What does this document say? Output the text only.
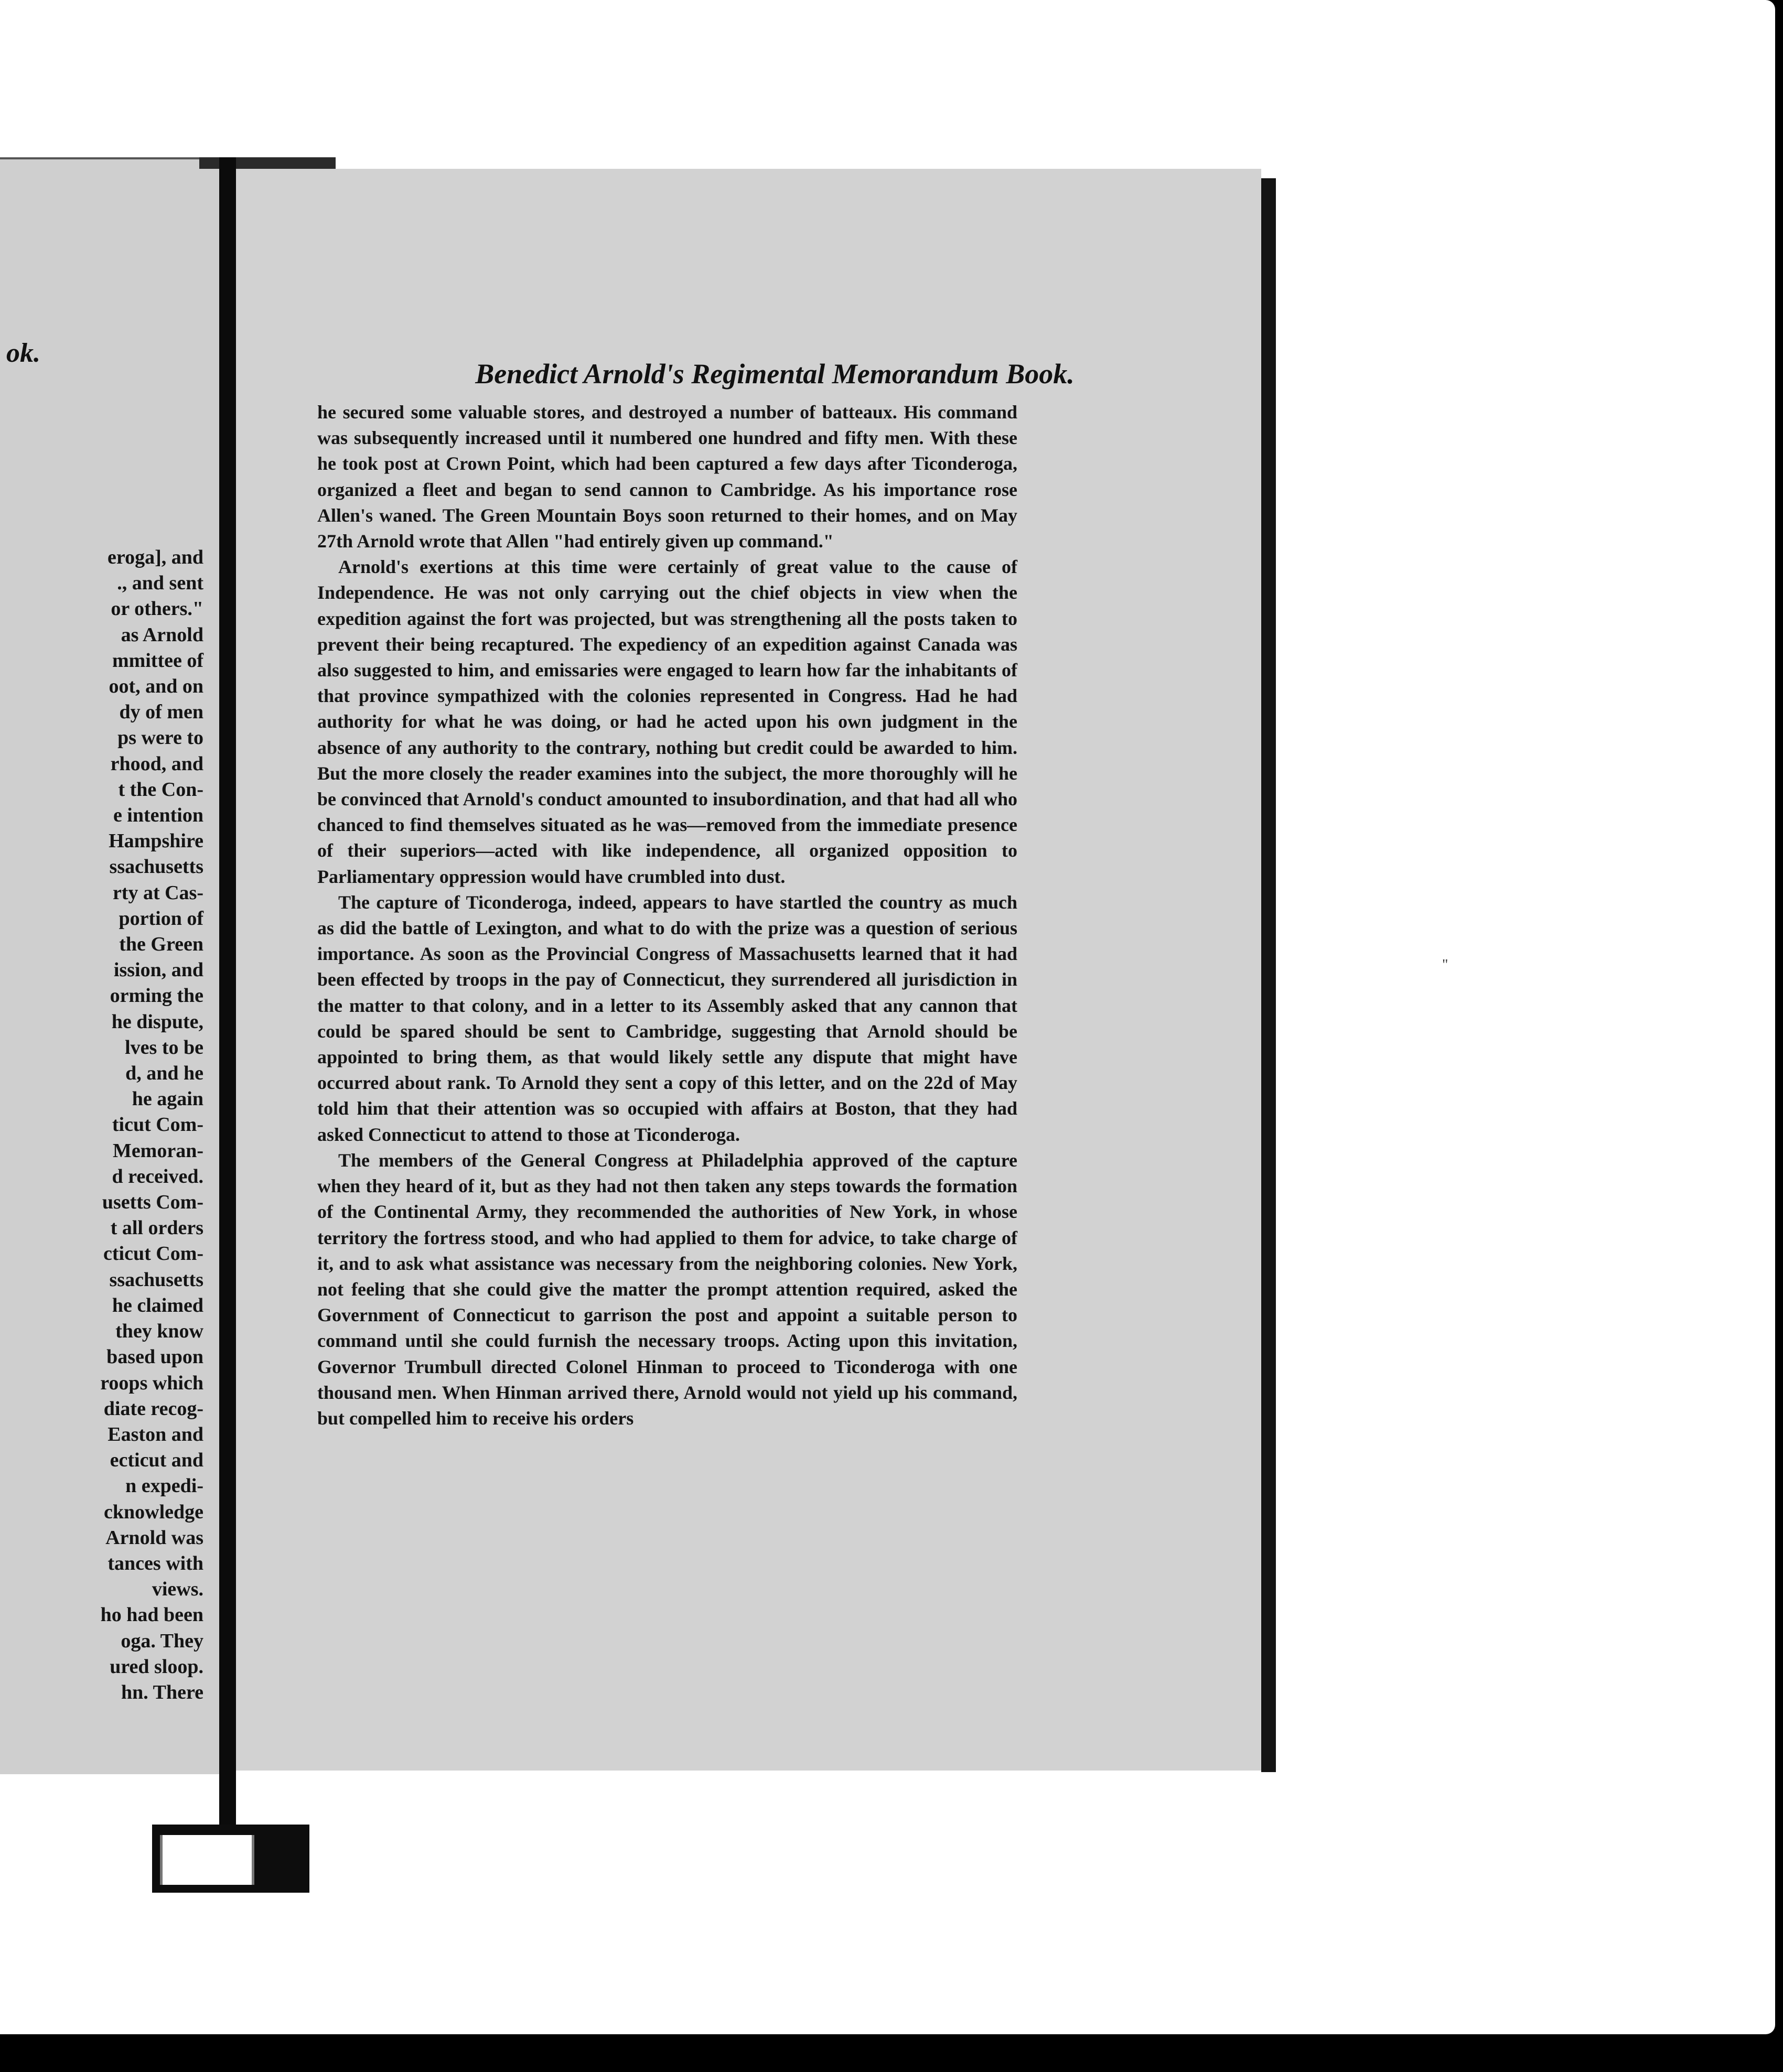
ok.
eroga], and
., and sent
or others."
as Arnold
mmittee of
oot, and on
dy of men
ps were to
rhood, and
t the Con-
e intention
Hampshire
ssachusetts
rty at Cas-
portion of
the Green
ission, and
orming the
he dispute,
lves to be
d, and he
he again
ticut Com-
Memoran-
d received.
usetts Com-
t all orders
cticut Com-
ssachusetts
he claimed
they know
based upon
roops which
diate recog-
Easton and
ecticut and
n expedi-
cknowledge
Arnold was
tances with
views.
ho had been
oga. They
ured sloop.
hn. There
Benedict Arnold's Regimental Memorandum Book.

he secured some valuable stores, and destroyed a number of batteaux. His command was subsequently increased until it numbered one hundred and fifty men. With these he took post at Crown Point, which had been captured a few days after Ticonderoga, organized a fleet and began to send cannon to Cambridge. As his importance rose Allen's waned. The Green Mountain Boys soon returned to their homes, and on May 27th Arnold wrote that Allen "had entirely given up command."

Arnold's exertions at this time were certainly of great value to the cause of Independence. He was not only carrying out the chief objects in view when the expedition against the fort was projected, but was strengthening all the posts taken to prevent their being recaptured. The expediency of an expedition against Canada was also suggested to him, and emissaries were engaged to learn how far the inhabitants of that province sympathized with the colonies represented in Congress. Had he had authority for what he was doing, or had he acted upon his own judgment in the absence of any authority to the contrary, nothing but credit could be awarded to him. But the more closely the reader examines into the subject, the more thoroughly will he be convinced that Arnold's conduct amounted to insubordination, and that had all who chanced to find themselves situated as he was—removed from the immediate presence of their superiors—acted with like independence, all organized opposition to Parliamentary oppression would have crumbled into dust.

The capture of Ticonderoga, indeed, appears to have startled the country as much as did the battle of Lexington, and what to do with the prize was a question of serious importance. As soon as the Provincial Congress of Massachusetts learned that it had been effected by troops in the pay of Connecticut, they surrendered all jurisdiction in the matter to that colony, and in a letter to its Assembly asked that any cannon that could be spared should be sent to Cambridge, suggesting that Arnold should be appointed to bring them, as that would likely settle any dispute that might have occurred about rank. To Arnold they sent a copy of this letter, and on the 22d of May told him that their attention was so occupied with affairs at Boston, that they had asked Connecticut to attend to those at Ticonderoga.

The members of the General Congress at Philadelphia approved of the capture when they heard of it, but as they had not then taken any steps towards the formation of the Continental Army, they recommended the authorities of New York, in whose territory the fortress stood, and who had applied to them for advice, to take charge of it, and to ask what assistance was necessary from the neighboring colonies. New York, not feeling that she could give the matter the prompt attention required, asked the Government of Connecticut to garrison the post and appoint a suitable person to command until she could furnish the necessary troops. Acting upon this invitation, Governor Trumbull directed Colonel Hinman to proceed to Ticonderoga with one thousand men. When Hinman arrived there, Arnold would not yield up his command, but compelled him to receive his orders

"
